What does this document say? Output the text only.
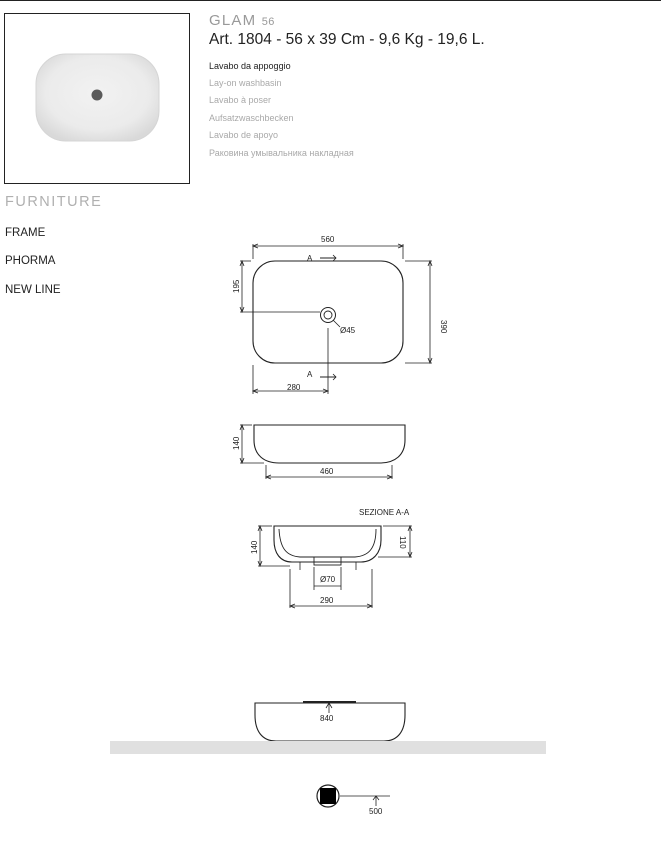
GLAM 56
Art. 1804 - 56 x 39 Cm - 9,6 Kg - 19,6 L.
Lavabo da appoggio
Lay-on washbasin
Lavabo à poser
Aufsatzwaschbecken
Lavabo de apoyo
Раковина умывальника накладная
FURNITURE
FRAME
PHORMA
NEW LINE
560
A
A
Ø45
280
195
390
140
460
SEZIONE A-A
140	110
Ø70
290
840
500
